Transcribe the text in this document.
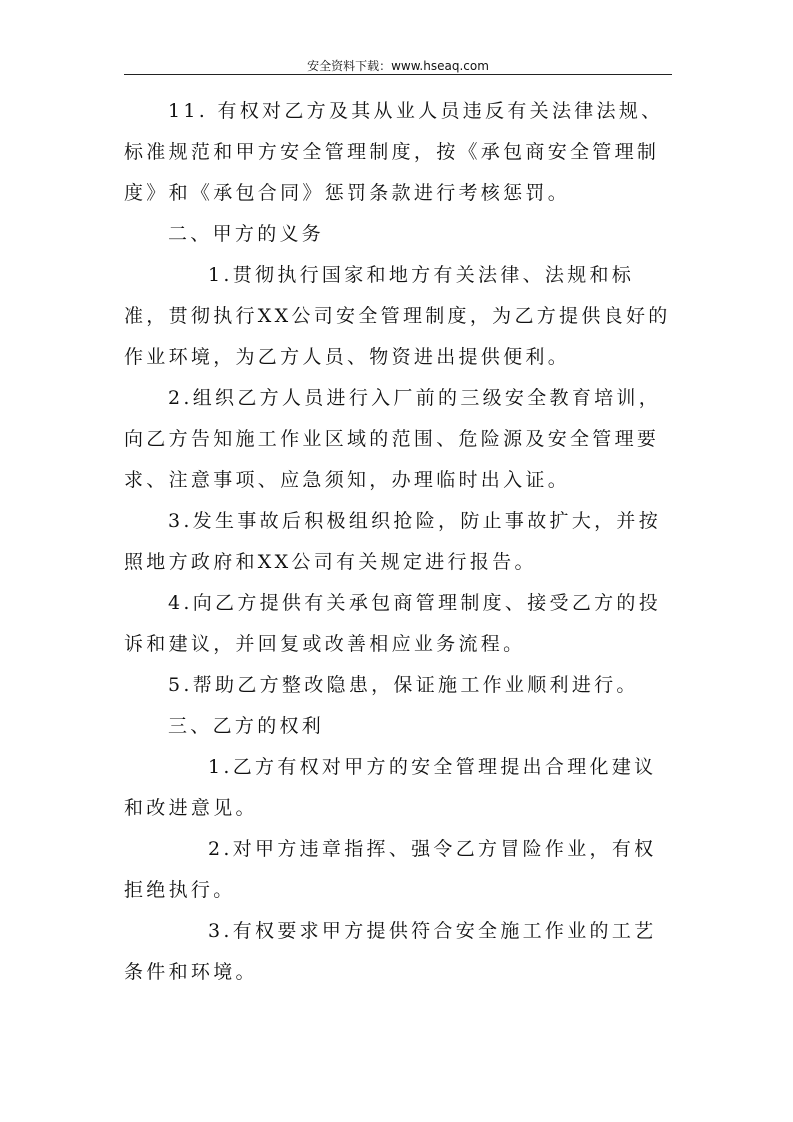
安全资料下载：www.hseaq.com

11. 有权对乙方及其从业人员违反有关法律法规、标准规范和甲方安全管理制度，按《承包商安全管理制度》和《承包合同》惩罚条款进行考核惩罚。

二、甲方的义务

1.贯彻执行国家和地方有关法律、法规和标准，贯彻执行XX公司安全管理制度，为乙方提供良好的作业环境，为乙方人员、物资进出提供便利。

2.组织乙方人员进行入厂前的三级安全教育培训，向乙方告知施工作业区域的范围、危险源及安全管理要求、注意事项、应急须知，办理临时出入证。

3.发生事故后积极组织抢险，防止事故扩大，并按照地方政府和XX公司有关规定进行报告。

4.向乙方提供有关承包商管理制度、接受乙方的投诉和建议，并回复或改善相应业务流程。

5.帮助乙方整改隐患，保证施工作业顺利进行。

三、乙方的权利

1.乙方有权对甲方的安全管理提出合理化建议和改进意见。

2.对甲方违章指挥、强令乙方冒险作业，有权拒绝执行。

3.有权要求甲方提供符合安全施工作业的工艺条件和环境。
